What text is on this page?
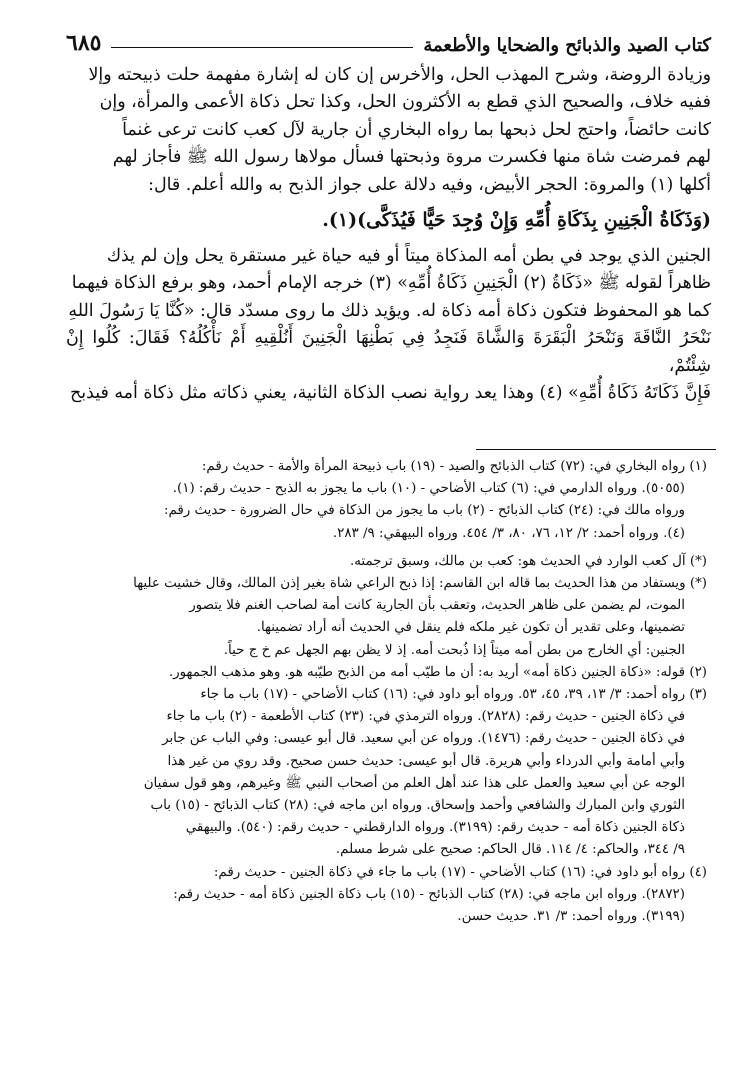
كتاب الصيد والذبائح والضحايا والأطعمة
٦٨٥

وزيادة الروضة، وشرح المهذب الحل، والأخرس إن كان له إشارة مفهمة حلت ذبيحته وإلا

ففيه خلاف، والصحيح الذي قطع به الأكثرون الحل، وكذا تحل ذكاة الأعمى والمرأة، وإن

كانت حائضاً، واحتج لحل ذبحها بما رواه البخاري أن جارية لآل كعب كانت ترعى غنماً

لهم فمرضت شاة منها فكسرت مروة وذبحتها فسأل مولاها رسول الله ﷺ فأجاز لهم

أكلها (١) والمروة: الحجر الأبيض، وفيه دلالة على جواز الذبح به والله أعلم. قال:

(وَذَكَاةُ الْجَنِينِ بِذَكَاةِ أُمِّهِ وَإِنْ وُجِدَ حَيًّا فَيُذَكَّى)(١).

الجنين الذي يوجد في بطن أمه المذكاة ميتاً أو فيه حياة غير مستقرة يحل وإن لم يذك

ظاهراً لقوله ﷺ «ذَكَاةُ (٢) الْجَنِينِ ذَكَاةُ أُمِّهِ» (٣) خرجه الإمام أحمد، وهو برفع الذكاة فيهما

كما هو المحفوظ فتكون ذكاة أمه ذكاة له. ويؤيد ذلك ما روى مسدّد قال: «كُنَّا يَا رَسُولَ اللهِ

نَنْحَرُ النَّاقَةَ وَنَنْحَرُ الْبَقَرَةَ وَالشَّاةَ فَنَجِدُ فِي بَطْنِهَا الْجَنِينَ أَنُلْقِيهِ أَمْ نَأْكُلُهُ؟ فَقَالَ: كُلُوا إِنْ شِئْتُمْ،

فَإِنَّ ذَكَاتَهُ ذَكَاةُ أُمِّهِ» (٤) وهذا يعد رواية نصب الذكاة الثانية، يعني ذكاته مثل ذكاة أمه فيذبح

(١) رواه البخاري في: (٧٢) كتاب الذبائح والصيد - (١٩) باب ذبيحة المرأة والأمة - حديث رقم:

(٥٠٥٥). ورواه الدارمي في: (٦) كتاب الأضاحي - (١٠) باب ما يجوز به الذبح - حديث رقم: (١).

ورواه مالك في: (٢٤) كتاب الذبائح - (٢) باب ما يجوز من الذكاة في حال الضرورة - حديث رقم:

(٤). ورواه أحمد: ٢/ ١٢، ٧٦، ٨٠، ٣/ ٤٥٤. ورواه البيهقي: ٩/ ٢٨٣.

(*) آل كعب الوارد في الحديث هو: كعب بن مالك، وسبق ترجمته.

(*) ويستفاد من هذا الحديث بما قاله ابن القاسم: إذا ذبح الراعي شاة بغير إذن المالك، وقال خشيت عليها

الموت، لم يضمن على ظاهر الحديث، وتعقب بأن الجارية كانت أمة لصاحب الغنم فلا يتصور

تضمينها، وعلى تقدير أن تكون غير ملكه فلم ينقل في الحديث أنه أراد تضمينها.

الجنين: أي الخارج من بطن أمه ميتاً إذا ذُبحت أمه. إذ لا يظن بهم الجهل عم خ ج حياً.

(٢) قوله: «ذكاة الجنين ذكاة أمه» أريد به: أن ما طيّب أمه من الذبح طيّبه هو. وهو مذهب الجمهور.

(٣) رواه أحمد: ٣/ ١٣، ٣٩، ٤٥، ٥٣. ورواه أبو داود في: (١٦) كتاب الأضاحي - (١٧) باب ما جاء

في ذكاة الجنين - حديث رقم: (٢٨٢٨). ورواه الترمذي في: (٢٣) كتاب الأطعمة - (٢) باب ما جاء

في ذكاة الجنين - حديث رقم: (١٤٧٦). ورواه عن أبي سعيد. قال أبو عيسى: وفي الباب عن جابر

وأبي أمامة وأبي الدرداء وأبي هريرة. قال أبو عيسى: حديث حسن صحيح. وقد روي من غير هذا

الوجه عن أبي سعيد والعمل على هذا عند أهل العلم من أصحاب النبي ﷺ وغيرهم، وهو قول سفيان

الثوري وابن المبارك والشافعي وأحمد وإسحاق. ورواه ابن ماجه في: (٢٨) كتاب الذبائح - (١٥) باب

ذكاة الجنين ذكاة أمه - حديث رقم: (٣١٩٩). ورواه الدارقطني - حديث رقم: (٥٤٠). والبيهقي

٩/ ٣٤٤، والحاكم: ٤/ ١١٤. قال الحاكم: صحيح على شرط مسلم.

(٤) رواه أبو داود في: (١٦) كتاب الأضاحي - (١٧) باب ما جاء في ذكاة الجنين - حديث رقم:

(٢٨٧٢). ورواه ابن ماجه في: (٢٨) كتاب الذبائح - (١٥) باب ذكاة الجنين ذكاة أمه - حديث رقم:

(٣١٩٩). ورواه أحمد: ٣/ ٣١. حديث حسن.
